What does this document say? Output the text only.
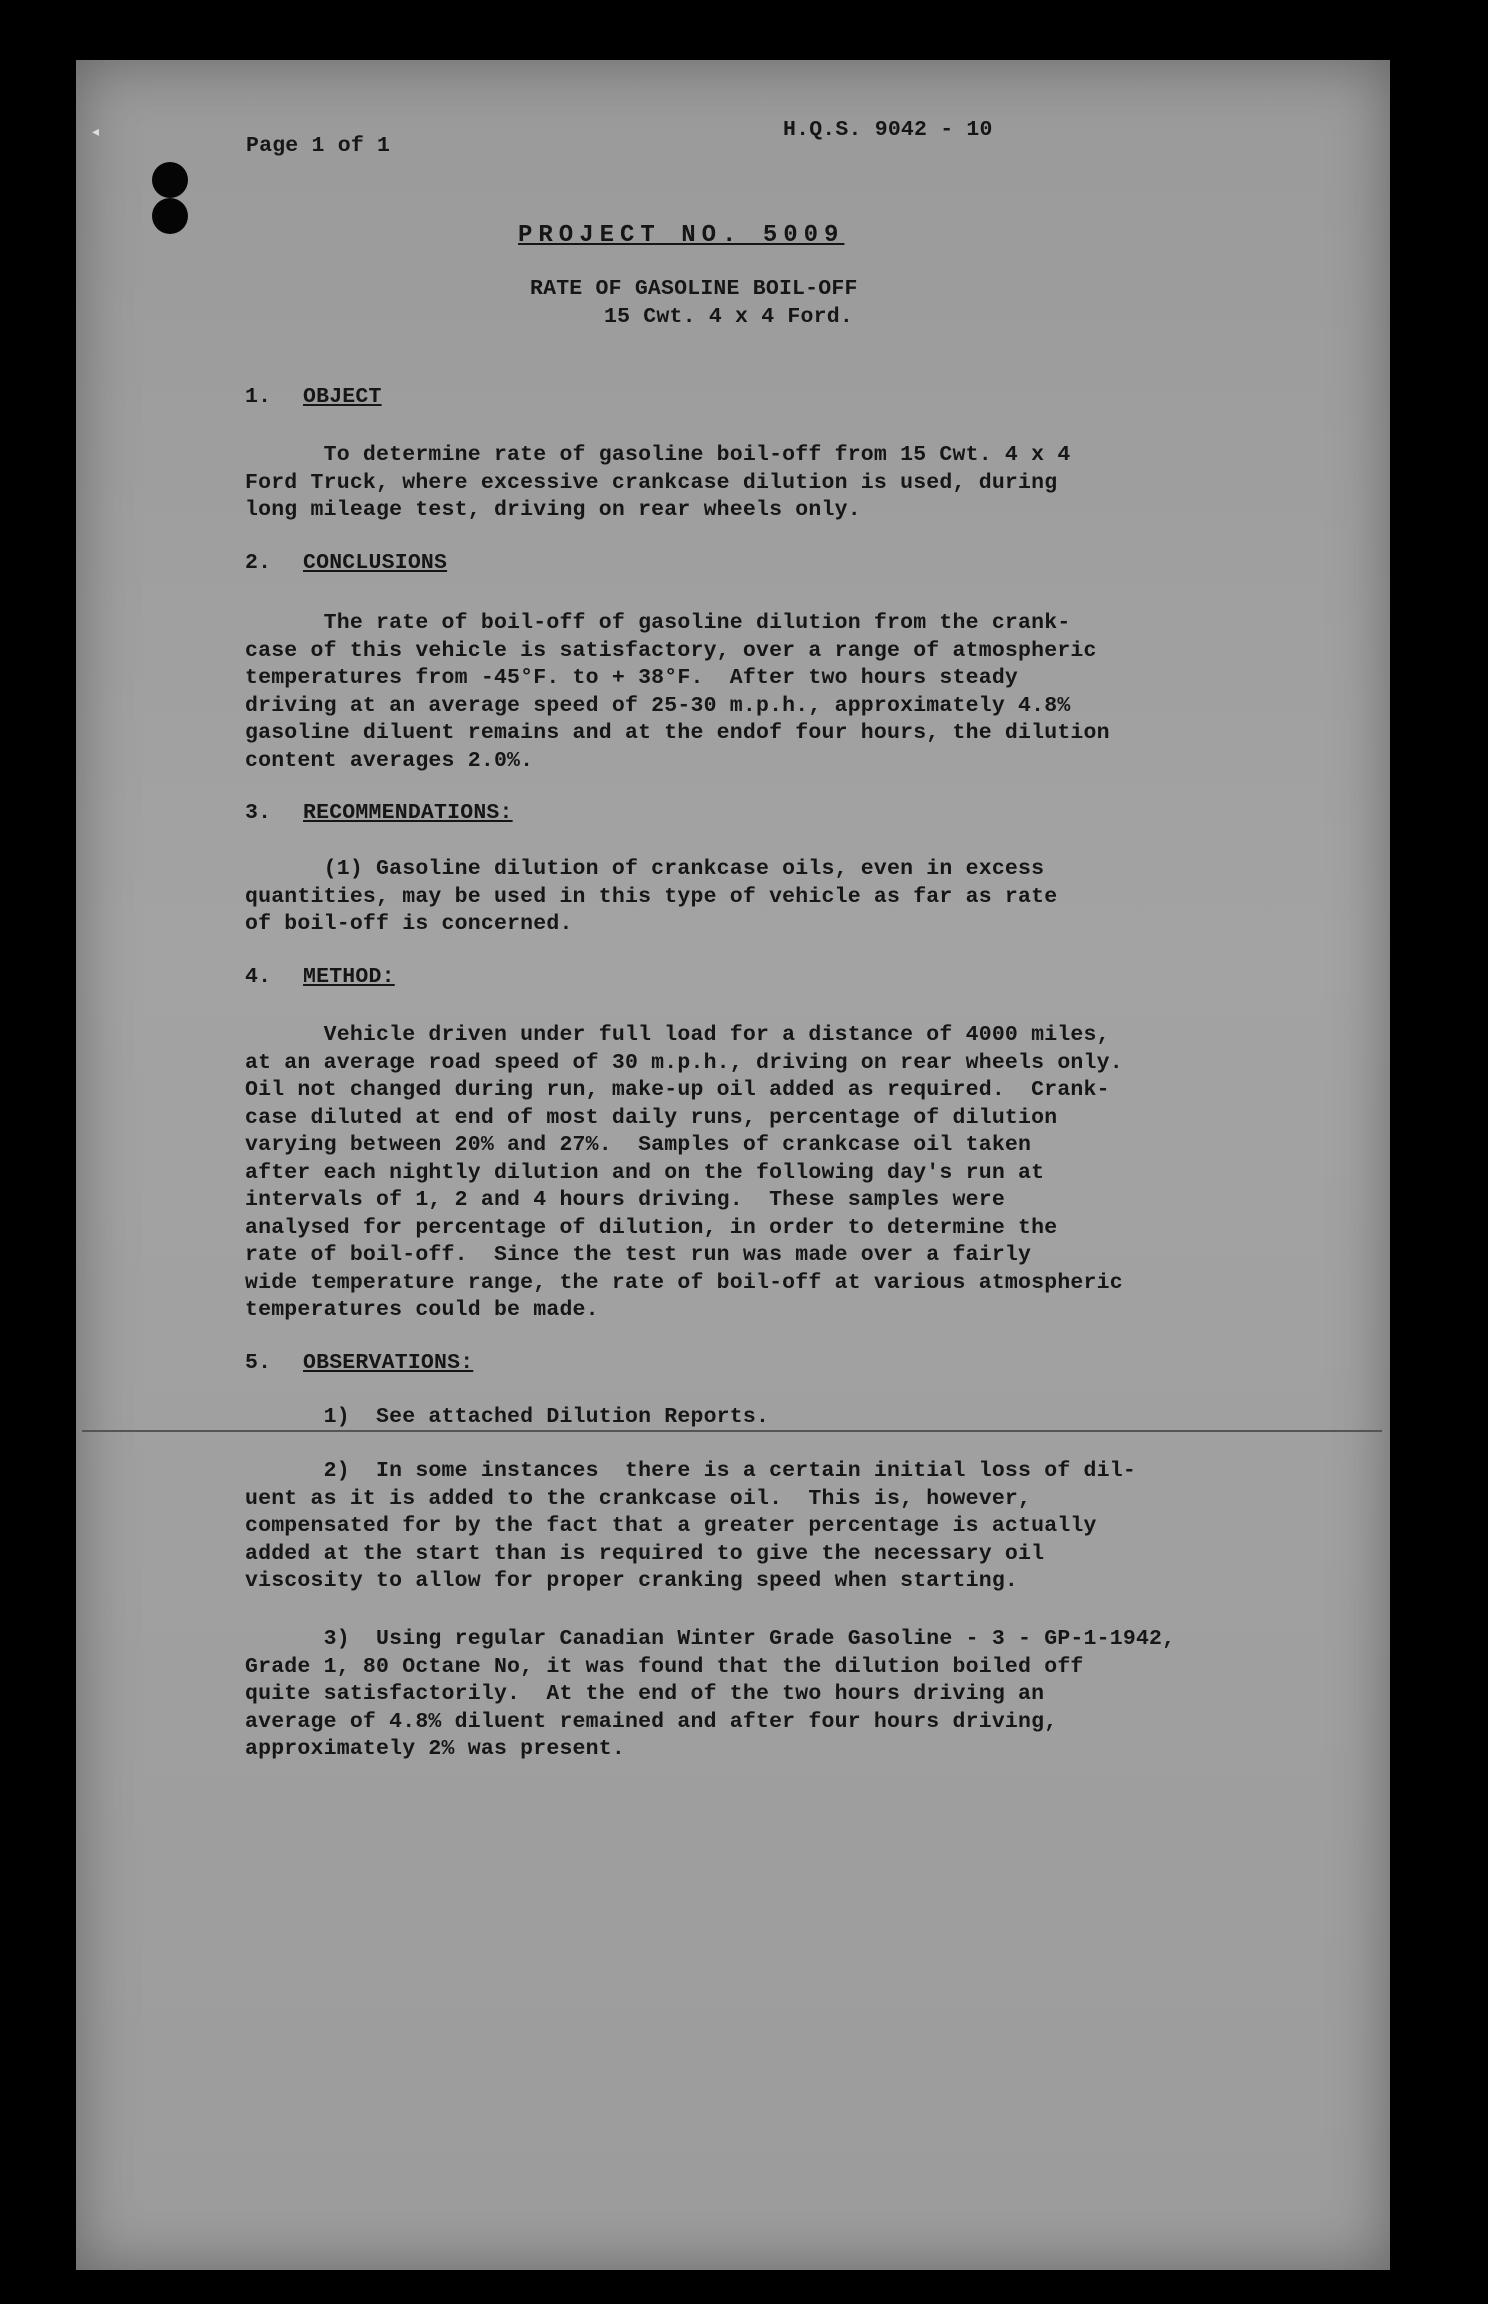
◂
Page 1 of 1
H.Q.S. 9042 - 10
PROJECT NO. 5009
RATE OF GASOLINE BOIL-OFF
15 Cwt. 4 x 4 Ford.
1. OBJECT
To determine rate of gasoline boil-off from 15 Cwt. 4 x 4
Ford Truck, where excessive crankcase dilution is used, during
long mileage test, driving on rear wheels only.
2. CONCLUSIONS
The rate of boil-off of gasoline dilution from the crank-
case of this vehicle is satisfactory, over a range of atmospheric
temperatures from -45°F. to + 38°F.  After two hours steady
driving at an average speed of 25-30 m.p.h., approximately 4.8%
gasoline diluent remains and at the endof four hours, the dilution
content averages 2.0%.
3. RECOMMENDATIONS:
(1) Gasoline dilution of crankcase oils, even in excess
quantities, may be used in this type of vehicle as far as rate
of boil-off is concerned.
4. METHOD:
Vehicle driven under full load for a distance of 4000 miles,
at an average road speed of 30 m.p.h., driving on rear wheels only.
Oil not changed during run, make-up oil added as required.  Crank-
case diluted at end of most daily runs, percentage of dilution
varying between 20% and 27%.  Samples of crankcase oil taken
after each nightly dilution and on the following day's run at
intervals of 1, 2 and 4 hours driving.  These samples were
analysed for percentage of dilution, in order to determine the
rate of boil-off.  Since the test run was made over a fairly
wide temperature range, the rate of boil-off at various atmospheric
temperatures could be made.
5. OBSERVATIONS:
1)  See attached Dilution Reports.
2)  In some instances  there is a certain initial loss of dil-
uent as it is added to the crankcase oil.  This is, however,
compensated for by the fact that a greater percentage is actually
added at the start than is required to give the necessary oil
viscosity to allow for proper cranking speed when starting.
3)  Using regular Canadian Winter Grade Gasoline - 3 - GP-1-1942,
Grade 1, 80 Octane No, it was found that the dilution boiled off
quite satisfactorily.  At the end of the two hours driving an
average of 4.8% diluent remained and after four hours driving,
approximately 2% was present.
